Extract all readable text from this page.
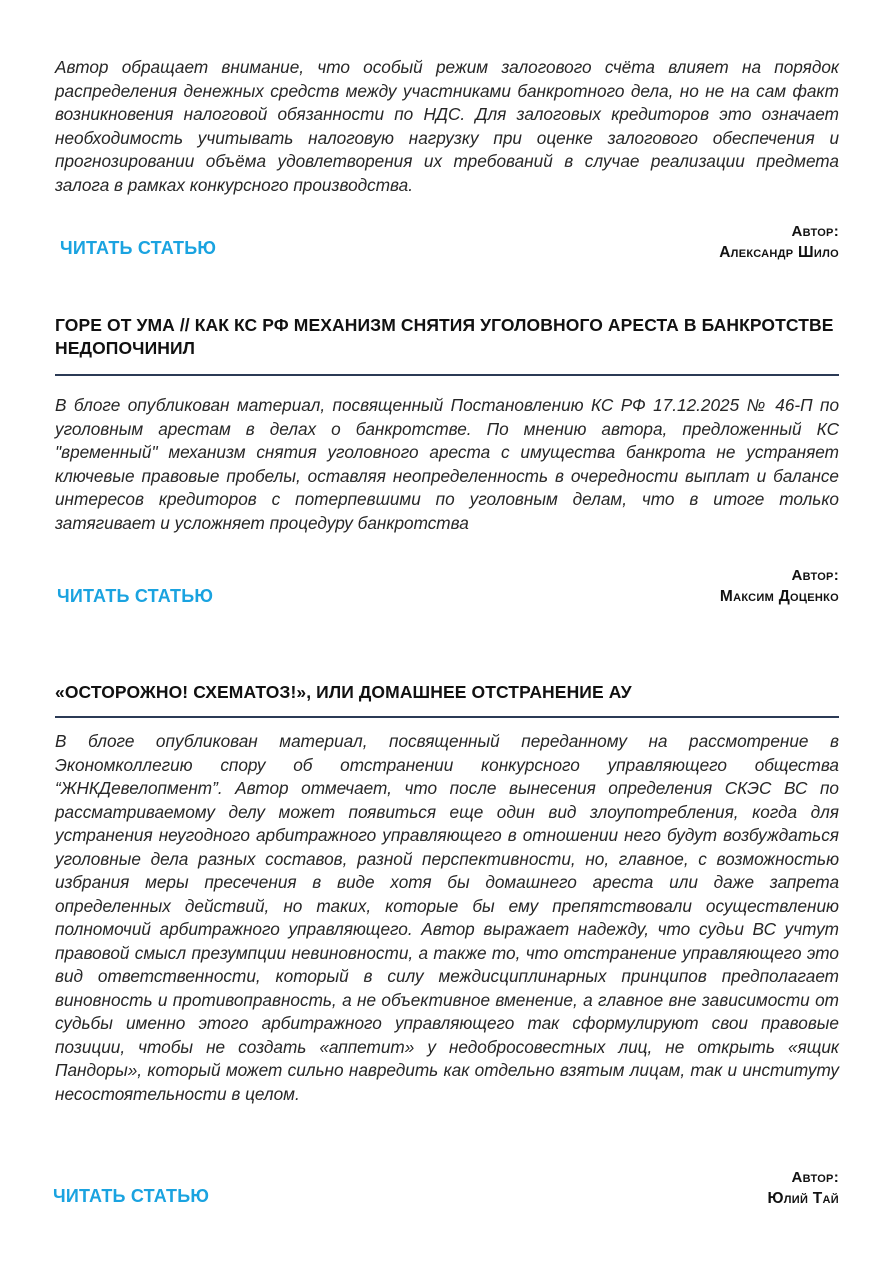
Автор обращает внимание, что особый режим залогового счёта влияет на порядок распределения денежных средств между участниками банкротного дела, но не на сам факт возникновения налоговой обязанности по НДС. Для залоговых кредиторов это означает необходимость учитывать налоговую нагрузку при оценке залогового обеспечения и прогнозировании объёма удовлетворения их требований в случае реализации предмета залога в рамках конкурсного производства.

ЧИТАТЬ СТАТЬЮ
Автор:
Александр Шило
ГОРЕ ОТ УМА // КАК КС РФ МЕХАНИЗМ СНЯТИЯ УГОЛОВНОГО АРЕСТА В БАНКРОТСТВЕ НЕДОПОЧИНИЛ

В блоге опубликован материал, посвященный Постановлению КС РФ 17.12.2025 № 46-П по уголовным арестам в делах о банкротстве. По мнению автора, предложенный КС "временный" механизм снятия уголовного ареста с имущества банкрота не устраняет ключевые правовые пробелы, оставляя неопределенность в очередности выплат и балансе интересов кредиторов с потерпевшими по уголовным делам, что в итоге только затягивает и усложняет процедуру банкротства

ЧИТАТЬ СТАТЬЮ
Автор:
Максим Доценко
«ОСТОРОЖНО! СХЕМАТОЗ!», ИЛИ ДОМАШНЕЕ ОТСТРАНЕНИЕ АУ

В блоге опубликован материал, посвященный переданному на рассмотрение в Экономколлегию спору об отстранении конкурсного управляющего общества “ЖНКДевелопмент”. Автор отмечает, что после вынесения определения СКЭС ВС по рассматриваемому делу может появиться еще один вид злоупотребления, когда для устранения неугодного арбитражного управляющего в отношении него будут возбуждаться уголовные дела разных составов, разной перспективности, но, главное, с возможностью избрания меры пресечения в виде хотя бы домашнего ареста или даже запрета определенных действий, но таких, которые бы ему препятствовали осуществлению полномочий арбитражного управляющего. Автор выражает надежду, что судьи ВС учтут правовой смысл презумпции невиновности, а также то, что отстранение управляющего это вид ответственности, который в силу междисциплинарных принципов предполагает виновность и противоправность, а не объективное вменение, а главное вне зависимости от судьбы именно этого арбитражного управляющего так сформулируют свои правовые позиции, чтобы не создать «аппетит» у недобросовестных лиц, не открыть «ящик Пандоры», который может сильно навредить как отдельно взятым лицам, так и институту несостоятельности в целом.

ЧИТАТЬ СТАТЬЮ
Автор:
Юлий Тай
